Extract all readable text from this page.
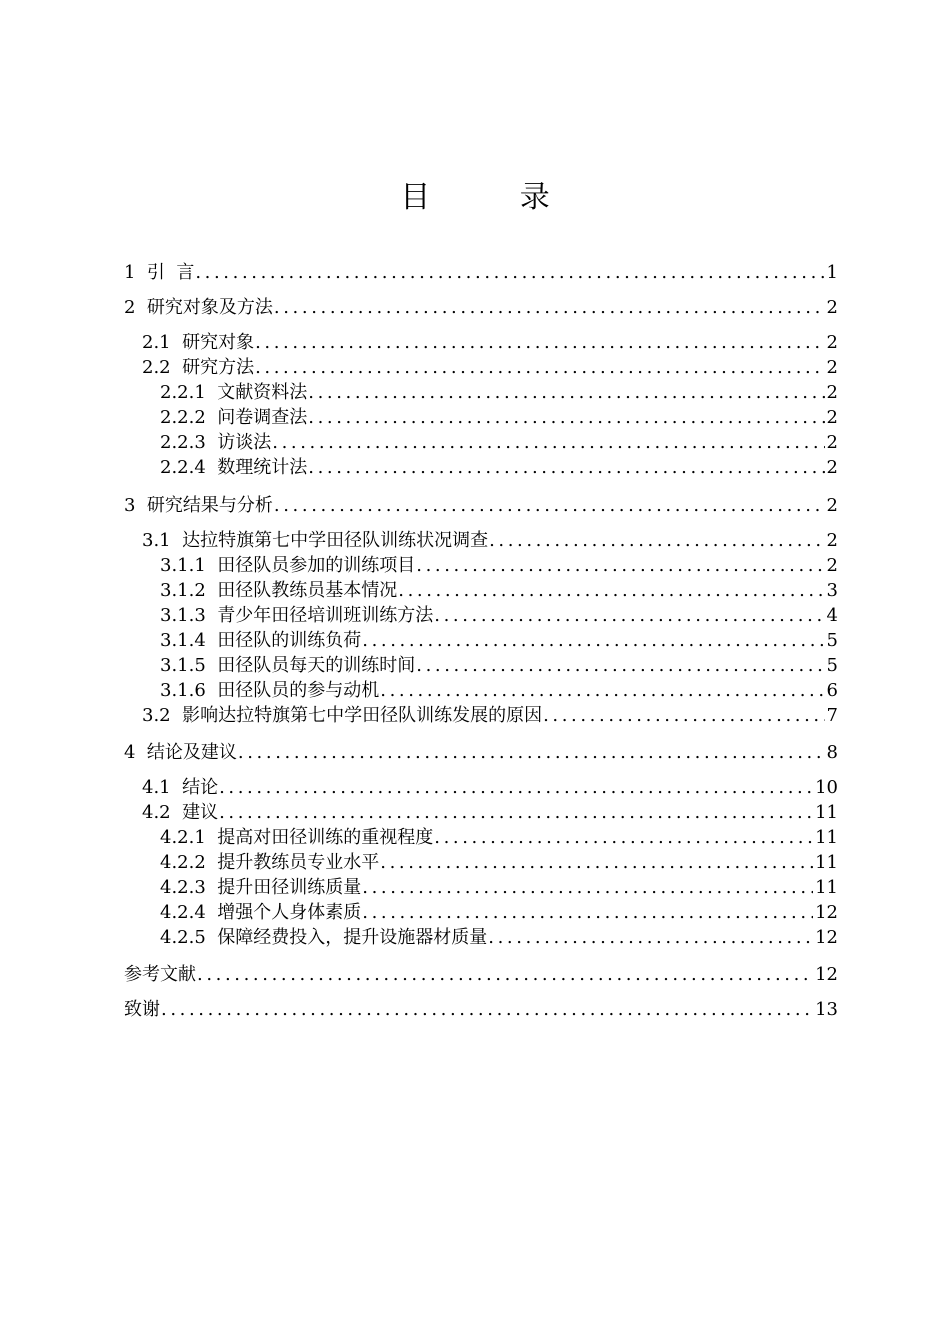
目 录
1  引  言 .....	1
2  研究对象及方法 .....	2
2.1  研究对象 .....	2
2.2  研究方法 .....	2
2.2.1  文献资料法 .....	2
2.2.2  问卷调查法 .....	2
2.2.3  访谈法 .....	2
2.2.4  数理统计法 .....	2
3  研究结果与分析 .....	2
3.1  达拉特旗第七中学田径队训练状况调查 .....	2
3.1.1  田径队员参加的训练项目 .....	2
3.1.2  田径队教练员基本情况 .....	3
3.1.3  青少年田径培训班训练方法 .....	4
3.1.4  田径队的训练负荷 .....	5
3.1.5  田径队员每天的训练时间 .....	5
3.1.6  田径队员的参与动机 .....	6
3.2  影响达拉特旗第七中学田径队训练发展的原因 .....	7
4  结论及建议 .....	8
4.1  结论 .....	10
4.2  建议 .....	11
4.2.1  提高对田径训练的重视程度 .....	11
4.2.2  提升教练员专业水平 .....	11
4.2.3  提升田径训练质量 .....	11
4.2.4  增强个人身体素质 .....	12
4.2.5  保障经费投入，提升设施器材质量 .....	12
参考文献 .....	12
致谢 .....	13
